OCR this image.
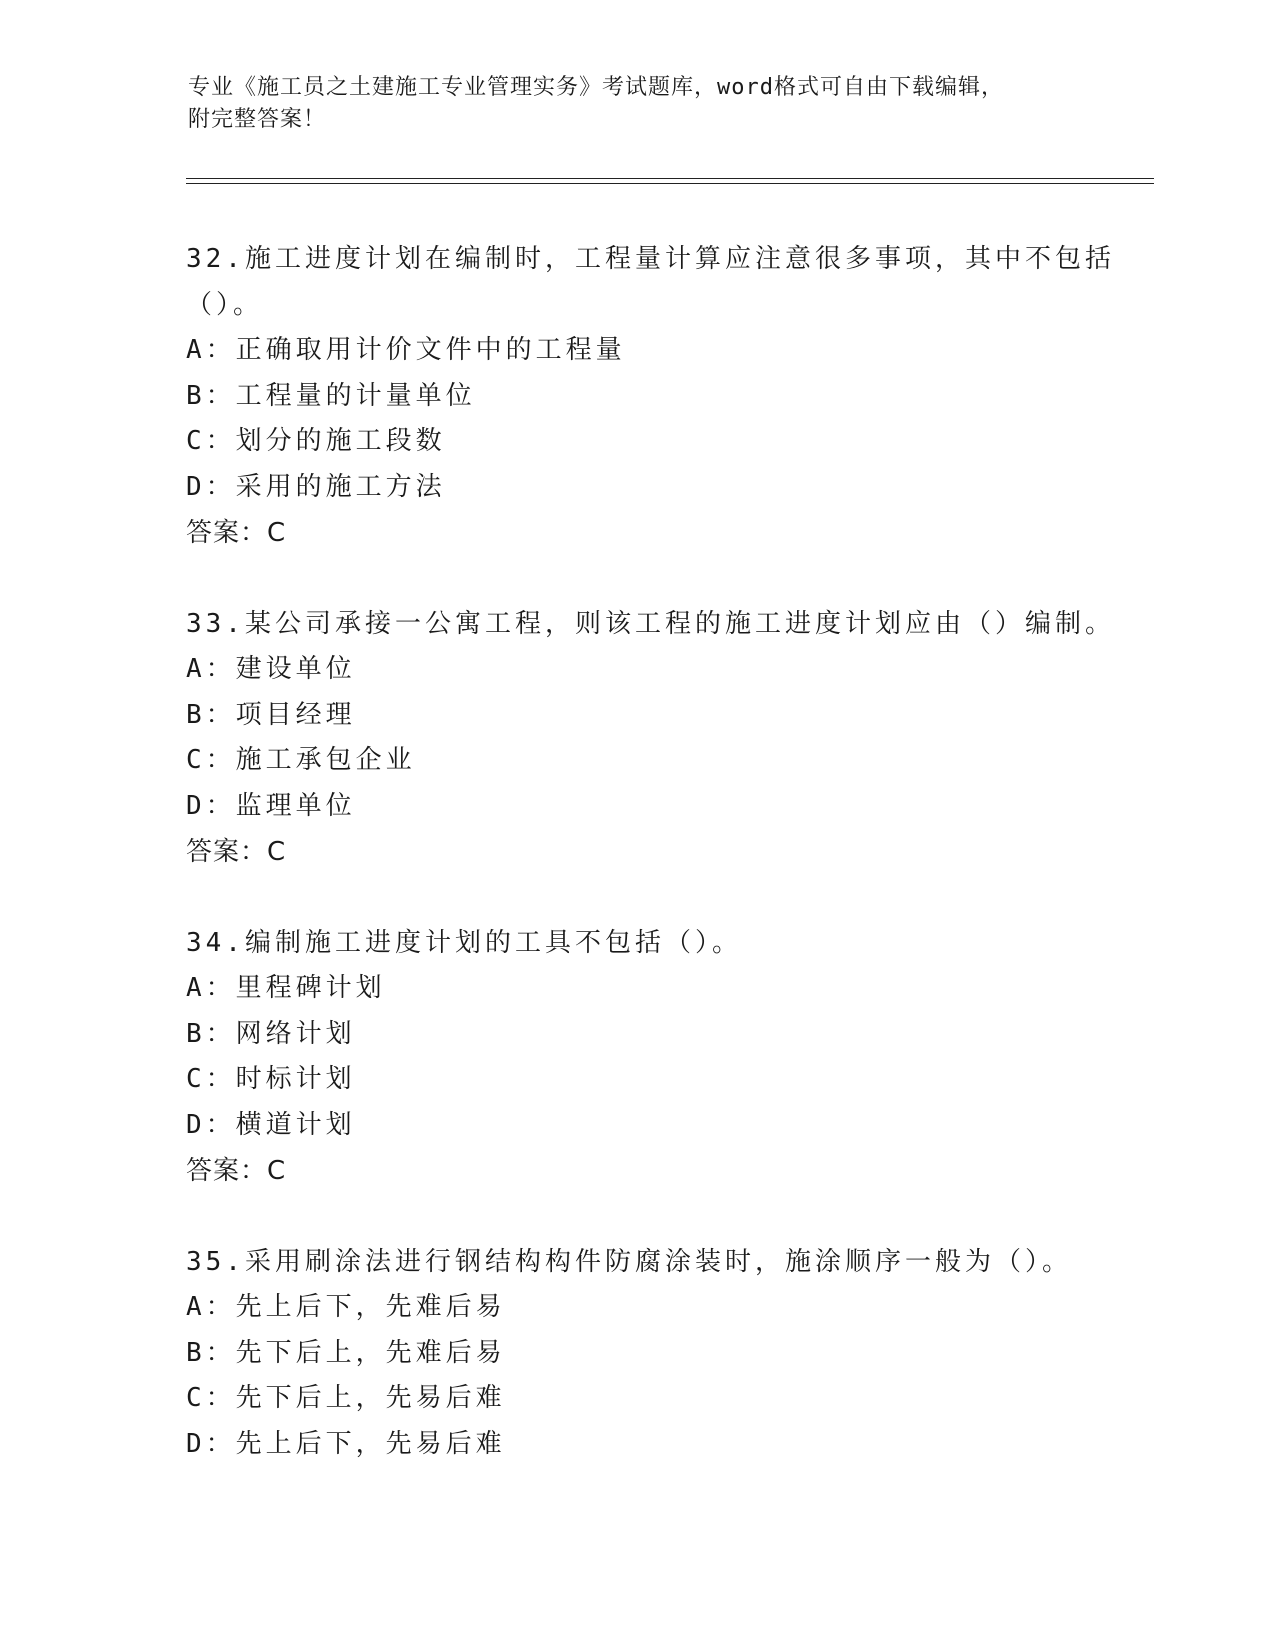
专业《施工员之土建施工专业管理实务》考试题库，word格式可自由下载编辑，
附完整答案！
32.施工进度计划在编制时，工程量计算应注意很多事项，其中不包括（）。
A：正确取用计价文件中的工程量
B：工程量的计量单位
C：划分的施工段数
D：采用的施工方法
答案：C
33.某公司承接一公寓工程，则该工程的施工进度计划应由（）编制。
A：建设单位
B：项目经理
C：施工承包企业
D：监理单位
答案：C
34.编制施工进度计划的工具不包括（）。
A：里程碑计划
B：网络计划
C：时标计划
D：横道计划
答案：C
35.采用刷涂法进行钢结构构件防腐涂装时，施涂顺序一般为（）。
A：先上后下，先难后易
B：先下后上，先难后易
C：先下后上，先易后难
D：先上后下，先易后难
